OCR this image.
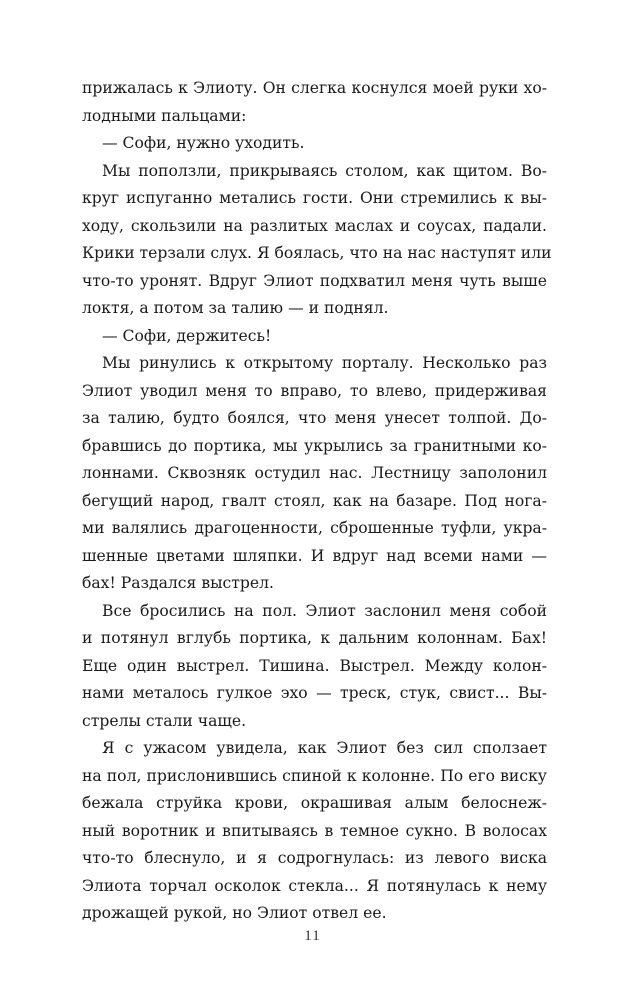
прижалась к Элиоту. Он слегка коснулся моей руки хо-
лодными пальцами:
— Софи, нужно уходить.
Мы поползли, прикрываясь столом, как щитом. Во-
круг испуганно метались гости. Они стремились к вы-
ходу, скользили на разлитых маслах и соусах, падали.
Крики терзали слух. Я боялась, что на нас наступят или
что-то уронят. Вдруг Элиот подхватил меня чуть выше
локтя, а потом за талию — и поднял.
— Софи, держитесь!
Мы ринулись к открытому порталу. Несколько раз
Элиот уводил меня то вправо, то влево, придерживая
за талию, будто боялся, что меня унесет толпой. До-
бравшись до портика, мы укрылись за гранитными ко-
лоннами. Сквозняк остудил нас. Лестницу заполонил
бегущий народ, гвалт стоял, как на базаре. Под нога-
ми валялись драгоценности, сброшенные туфли, укра-
шенные цветами шляпки. И вдруг над всеми нами —
бах! Раздался выстрел.
Все бросились на пол. Элиот заслонил меня собой
и потянул вглубь портика, к дальним колоннам. Бах!
Еще один выстрел. Тишина. Выстрел. Между колон-
нами металось гулкое эхо — треск, стук, свист... Вы-
стрелы стали чаще.
Я с ужасом увидела, как Элиот без сил сползает
на пол, прислонившись спиной к колонне. По его виску
бежала струйка крови, окрашивая алым белоснеж-
ный воротник и впитываясь в темное сукно. В волосах
что-то блеснуло, и я содрогнулась: из левого виска
Элиота торчал осколок стекла... Я потянулась к нему
дрожащей рукой, но Элиот отвел ее.
11
